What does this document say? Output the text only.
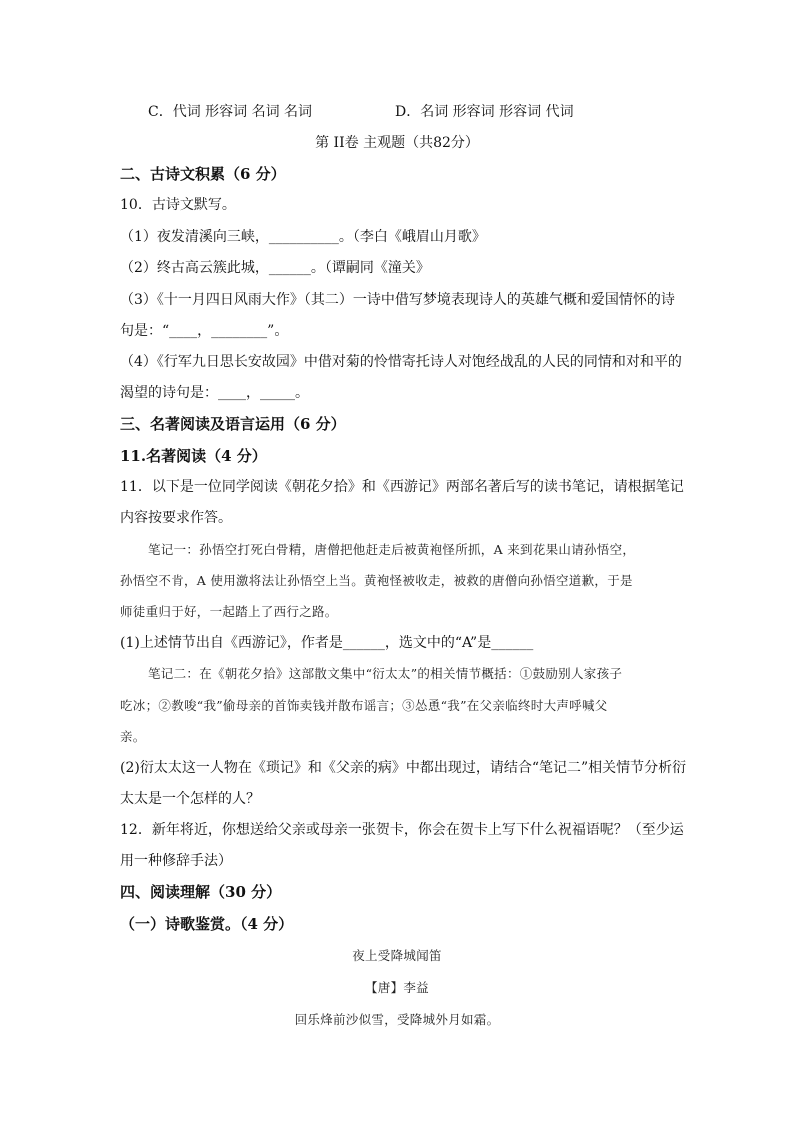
C．代词 形容词 名词 名词	D．名词 形容词 形容词 代词
第 II卷 主观题（共82分）
二、古诗文积累（6 分）
10．古诗文默写。
（1）夜发清溪向三峡，__________。（李白《峨眉山月歌》
（2）终古高云簇此城，______。（谭嗣同《潼关》
（3）《十一月四日风雨大作》（其二）一诗中借写梦境表现诗人的英雄气概和爱国情怀的诗
句是：“____，________”。
（4）《行军九日思长安故园》中借对菊的怜惜寄托诗人对饱经战乱的人民的同情和对和平的
渴望的诗句是：____，_____。
三、名著阅读及语言运用（6 分）
11.名著阅读（4 分）
11．以下是一位同学阅读《朝花夕拾》和《西游记》两部名著后写的读书笔记，请根据笔记
内容按要求作答。
笔记一：孙悟空打死白骨精，唐僧把他赶走后被黄袍怪所抓，A 来到花果山请孙悟空，
孙悟空不肯，A 使用激将法让孙悟空上当。黄袍怪被收走，被救的唐僧向孙悟空道歉，于是
师徒重归于好，一起踏上了西行之路。
(1)上述情节出自《西游记》，作者是______，选文中的“A”是______
笔记二：在《朝花夕拾》这部散文集中“衍太太”的相关情节概括：①鼓励别人家孩子
吃冰；②教唆“我”偷母亲的首饰卖钱并散布谣言；③怂恿“我”在父亲临终时大声呼喊父
亲。
(2)衍太太这一人物在《琐记》和《父亲的病》中都出现过，请结合“笔记二”相关情节分析衍
太太是一个怎样的人？
12．新年将近，你想送给父亲或母亲一张贺卡，你会在贺卡上写下什么祝福语呢？（至少运
用一种修辞手法）
四、阅读理解（30 分）
（一）诗歌鉴赏。（4 分）
夜上受降城闻笛
【唐】李益
回乐烽前沙似雪，受降城外月如霜。
